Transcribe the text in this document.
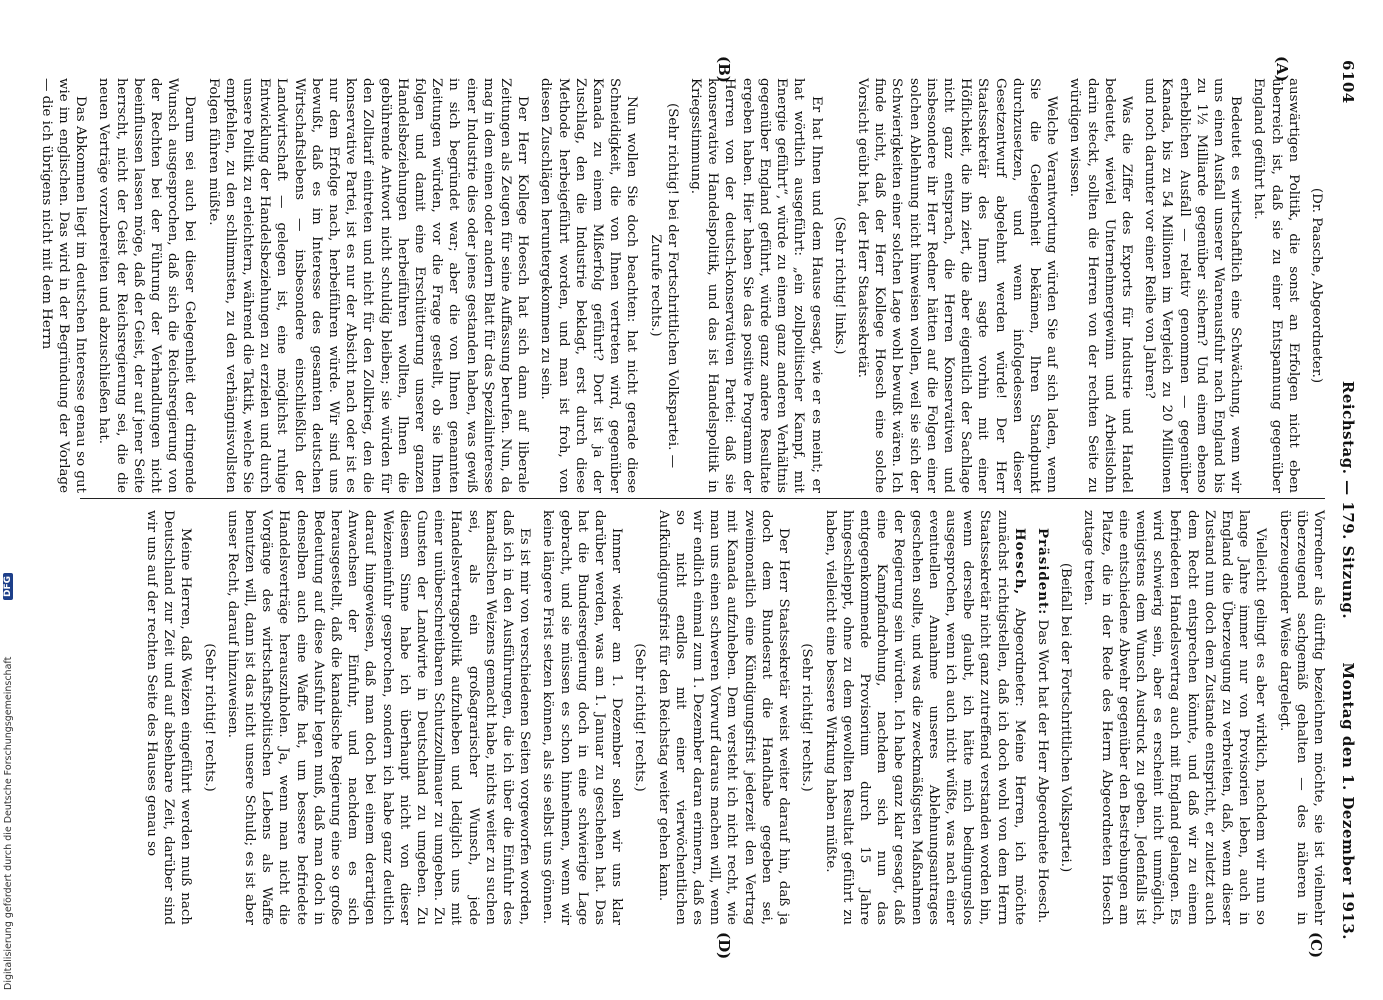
6104
Reichstag. — 179. Sitzung.
Montag den 1. Dezember 1913.
(A)
(B)
(C)
(D)

(Dr. Paasche, Abgeordneter.)

auswärtigen Politik, die sonst an Erfolgen nicht eben überreich ist, daß sie zu einer Entspannung gegenüber England geführt hat.

Bedeutet es wirtschaftlich eine Schwächung, wenn wir uns einen Ausfall unserer Warenausfuhr nach England bis zu 1½ Milliarde gegenüber sichern? Und einem ebenso erheblichen Ausfall — relativ genommen — gegenüber Kanada, bis zu 54 Millionen im Vergleich zu 20 Millionen und noch darunter vor einer Reihe von Jahren?

Was die Ziffer des Exports für Industrie und Handel bedeutet, wieviel Unternehmergewinn und Arbeitslohn darin steckt, sollten die Herren von der rechten Seite zu würdigen wissen.

Welche Verantwortung würden Sie auf sich laden, wenn Sie die Gelegenheit bekämen, Ihren Standpunkt durchzusetzen, und wenn infolgedessen dieser Gesetzentwurf abgelehnt werden würde! Der Herr Staatssekretär des Innern sagte vorhin mit einer Höflichkeit, die ihn ziert, die aber eigentlich der Sachlage nicht ganz entsprach, die Herren Konservativen und insbesondere ihr Herr Redner hätten auf die Folgen einer solchen Ablehnung nicht hinweisen wollen, weil sie sich der Schwierigkeiten einer solchen Lage wohl bewußt wären. Ich finde nicht, daß der Herr Kollege Hoesch eine solche Vorsicht geübt hat, der Herr Staatssekretär.

(Sehr richtig! links.)

Er hat Ihnen und dem Hause gesagt, wie er es meint; er hat wörtlich ausgeführt: „ein zollpolitischer Kampf, mit Energie geführt“, würde zu einem ganz anderen Verhältnis gegenüber England geführt, würde ganz andere Resultate ergeben haben. Hier haben Sie das positive Programm der Herren von der deutsch-konservativen Partei: daß sie konservative Handelspolitik, und das ist Handelspolitik in Kriegsstimmung.

(Sehr richtig! bei der Fortschrittlichen Volkspartei. — Zurufe rechts.)

Nun wollen Sie doch beachten: hat nicht gerade diese Schneidigkeit, die von Ihnen vertreten wird, gegenüber Kanada zu einem Mißerfolg geführt? Dort ist ja der Zuschlag, den die Industrie beklagt, erst durch diese Methode herbeigeführt worden, und man ist froh, von diesen Zuschlägen heruntergekommen zu sein.

Der Herr Kollege Hoesch hat sich dann auf liberale Zeitungen als Zeugen für seine Auffassung berufen. Nun, da mag in dem einen oder andern Blatt für das Spezialinteresse einer Industrie dies oder jenes gestanden haben, was gewiß in sich begründet war; aber die von Ihnen genannten Zeitungen würden, vor die Frage gestellt, ob sie Ihnen folgen und damit eine Erschütterung unserer ganzen Handelsbeziehungen herbeiführen wollten, Ihnen die gebührende Antwort nicht schuldig bleiben; sie würden für den Zolltarif eintreten und nicht für den Zollkrieg, den die konservative Partei, ist es nur der Absicht nach oder ist es nur dem Erfolge nach, herbeiführen würde. Wir sind uns bewußt, daß es im Interesse des gesamten deutschen Wirtschaftslebens — insbesondere einschließlich der Landwirtschaft — gelegen ist, eine möglichst ruhige Entwicklung der Handelsbeziehungen zu erzielen und durch unsere Politik zu erleichtern, während die Taktik, welche Sie empfehlen, zu den schlimmsten, zu den verhängnisvollsten Folgen führen müßte.

Darum sei auch bei dieser Gelegenheit der dringende Wunsch ausgesprochen, daß sich die Reichsregierung von der Rechten bei der Führung der Verhandlungen nicht beeinflussen lassen möge, daß der Geist, der auf jener Seite herrscht, nicht der Geist der Reichsregierung sei, die die neuen Verträge vorzubereiten und abzuschließen hat.

Das Abkommen liegt im deutschen Interesse genau so gut wie im englischen. Das wird in der Begründung der Vorlage — die ich übrigens nicht mit dem Herrn

Vorredner als dürftig bezeichnen möchte, sie ist vielmehr überzeugend sachgemäß gehalten — des näheren in überzeugender Weise dargelegt.

Vielleicht gelingt es aber wirklich, nachdem wir nun so lange Jahre immer nur von Provisorien leben, auch in England die Überzeugung zu verbreiten, daß, wenn dieser Zustand nun doch dem Zustande entspricht, er zuletzt auch dem Recht entsprechen könnte, und daß wir zu einem befriedeten Handelsvertrag auch mit England gelangen. Es wird schwierig sein, aber es erscheint nicht unmöglich, wenigstens dem Wunsch Ausdruck zu geben. Jedenfalls ist eine entschiedene Abwehr gegenüber den Bestrebungen am Platze, die in der Rede des Herrn Abgeordneten Hoesch zutage treten.

(Beifall bei der Fortschrittlichen Volkspartei.)

Präsident: Das Wort hat der Herr Abgeordnete Hoesch.

Hoesch, Abgeordneter: Meine Herren, ich möchte zunächst richtigstellen, daß ich doch wohl von dem Herrn Staatssekretär nicht ganz zutreffend verstanden worden bin, wenn derselbe glaubt, ich hätte mich bedingungslos ausgesprochen, wenn ich auch nicht wüßte, was nach einer eventuellen Annahme unseres Ablehnungsantrages geschehen sollte, und was die zweckmäßigsten Maßnahmen der Regierung sein würden. Ich habe ganz klar gesagt, daß eine Kampfandrohung, nachdem sich nun das entgegenkommende Provisorium durch 15 Jahre hingeschleppt, ohne zu dem gewollten Resultat geführt zu haben, vielleicht eine bessere Wirkung haben müßte.

(Sehr richtig! rechts.)

Der Herr Staatssekretär weist weiter darauf hin, daß ja doch dem Bundesrat die Handhabe gegeben sei, zweimonatlich eine Kündigungsfrist jederzeit den Vertrag mit Kanada aufzuheben. Dem versteht ich nicht recht, wie man uns einen schweren Vorwurf daraus machen will, wenn wir endlich einmal zum 1. Dezember daran erinnern, daß es so nicht endlos mit einer vierwöchentlichen Aufkündigungsfrist für den Reichstag weiter gehen kann.

(Sehr richtig! rechts.)

Immer wieder am 1. Dezember sollen wir uns klar darüber werden, was am 1. Januar zu geschehen hat. Das hat die Bundesregierung doch in eine schwierige Lage gebracht, und sie müssen es schon hinnehmen, wenn wir keine längere Frist setzen können, als sie selbst uns gönnen.

Es ist mir von verschiedenen Seiten vorgeworfen worden, daß ich in den Ausführungen, die ich über die Einfuhr des kanadischen Weizens gemacht habe, nichts weiter zu suchen sei, als ein großagrarischer Wunsch, jede Handelsvertragspolitik aufzuheben und lediglich uns mit einer unüberschreitbaren Schutzzollmauer zu umgeben. Zu Gunsten der Landwirte in Deutschland zu umgeben. Zu diesem Sinne habe ich überhaupt nicht von dieser Weizeneinfuhr gesprochen, sondern ich habe ganz deutlich darauf hingewiesen, daß man doch bei einem derartigen Anwachsen der Einfuhr, und nachdem es sich herausgestellt, daß die kanadische Regierung eine so große Bedeutung auf diese Ausfuhr legen muß, daß man doch in denselben auch eine Waffe hat, um bessere befriedete Handelsverträge herauszuholen. Ja, wenn man nicht die Vorgänge des wirtschaftspolitischen Lebens als Waffe benutzen will, dann ist das nicht unsere Schuld; es ist aber unser Recht, darauf hinzuweisen.

(Sehr richtig! rechts.)

Meine Herren, daß Weizen eingeführt werden muß nach Deutschland zur Zeit und auf absehbare Zeit, darüber sind wir uns auf der rechten Seite des Hauses genau so

DFG
Digitalisierung gefördert durch die Deutsche Forschungsgemeinschaft
